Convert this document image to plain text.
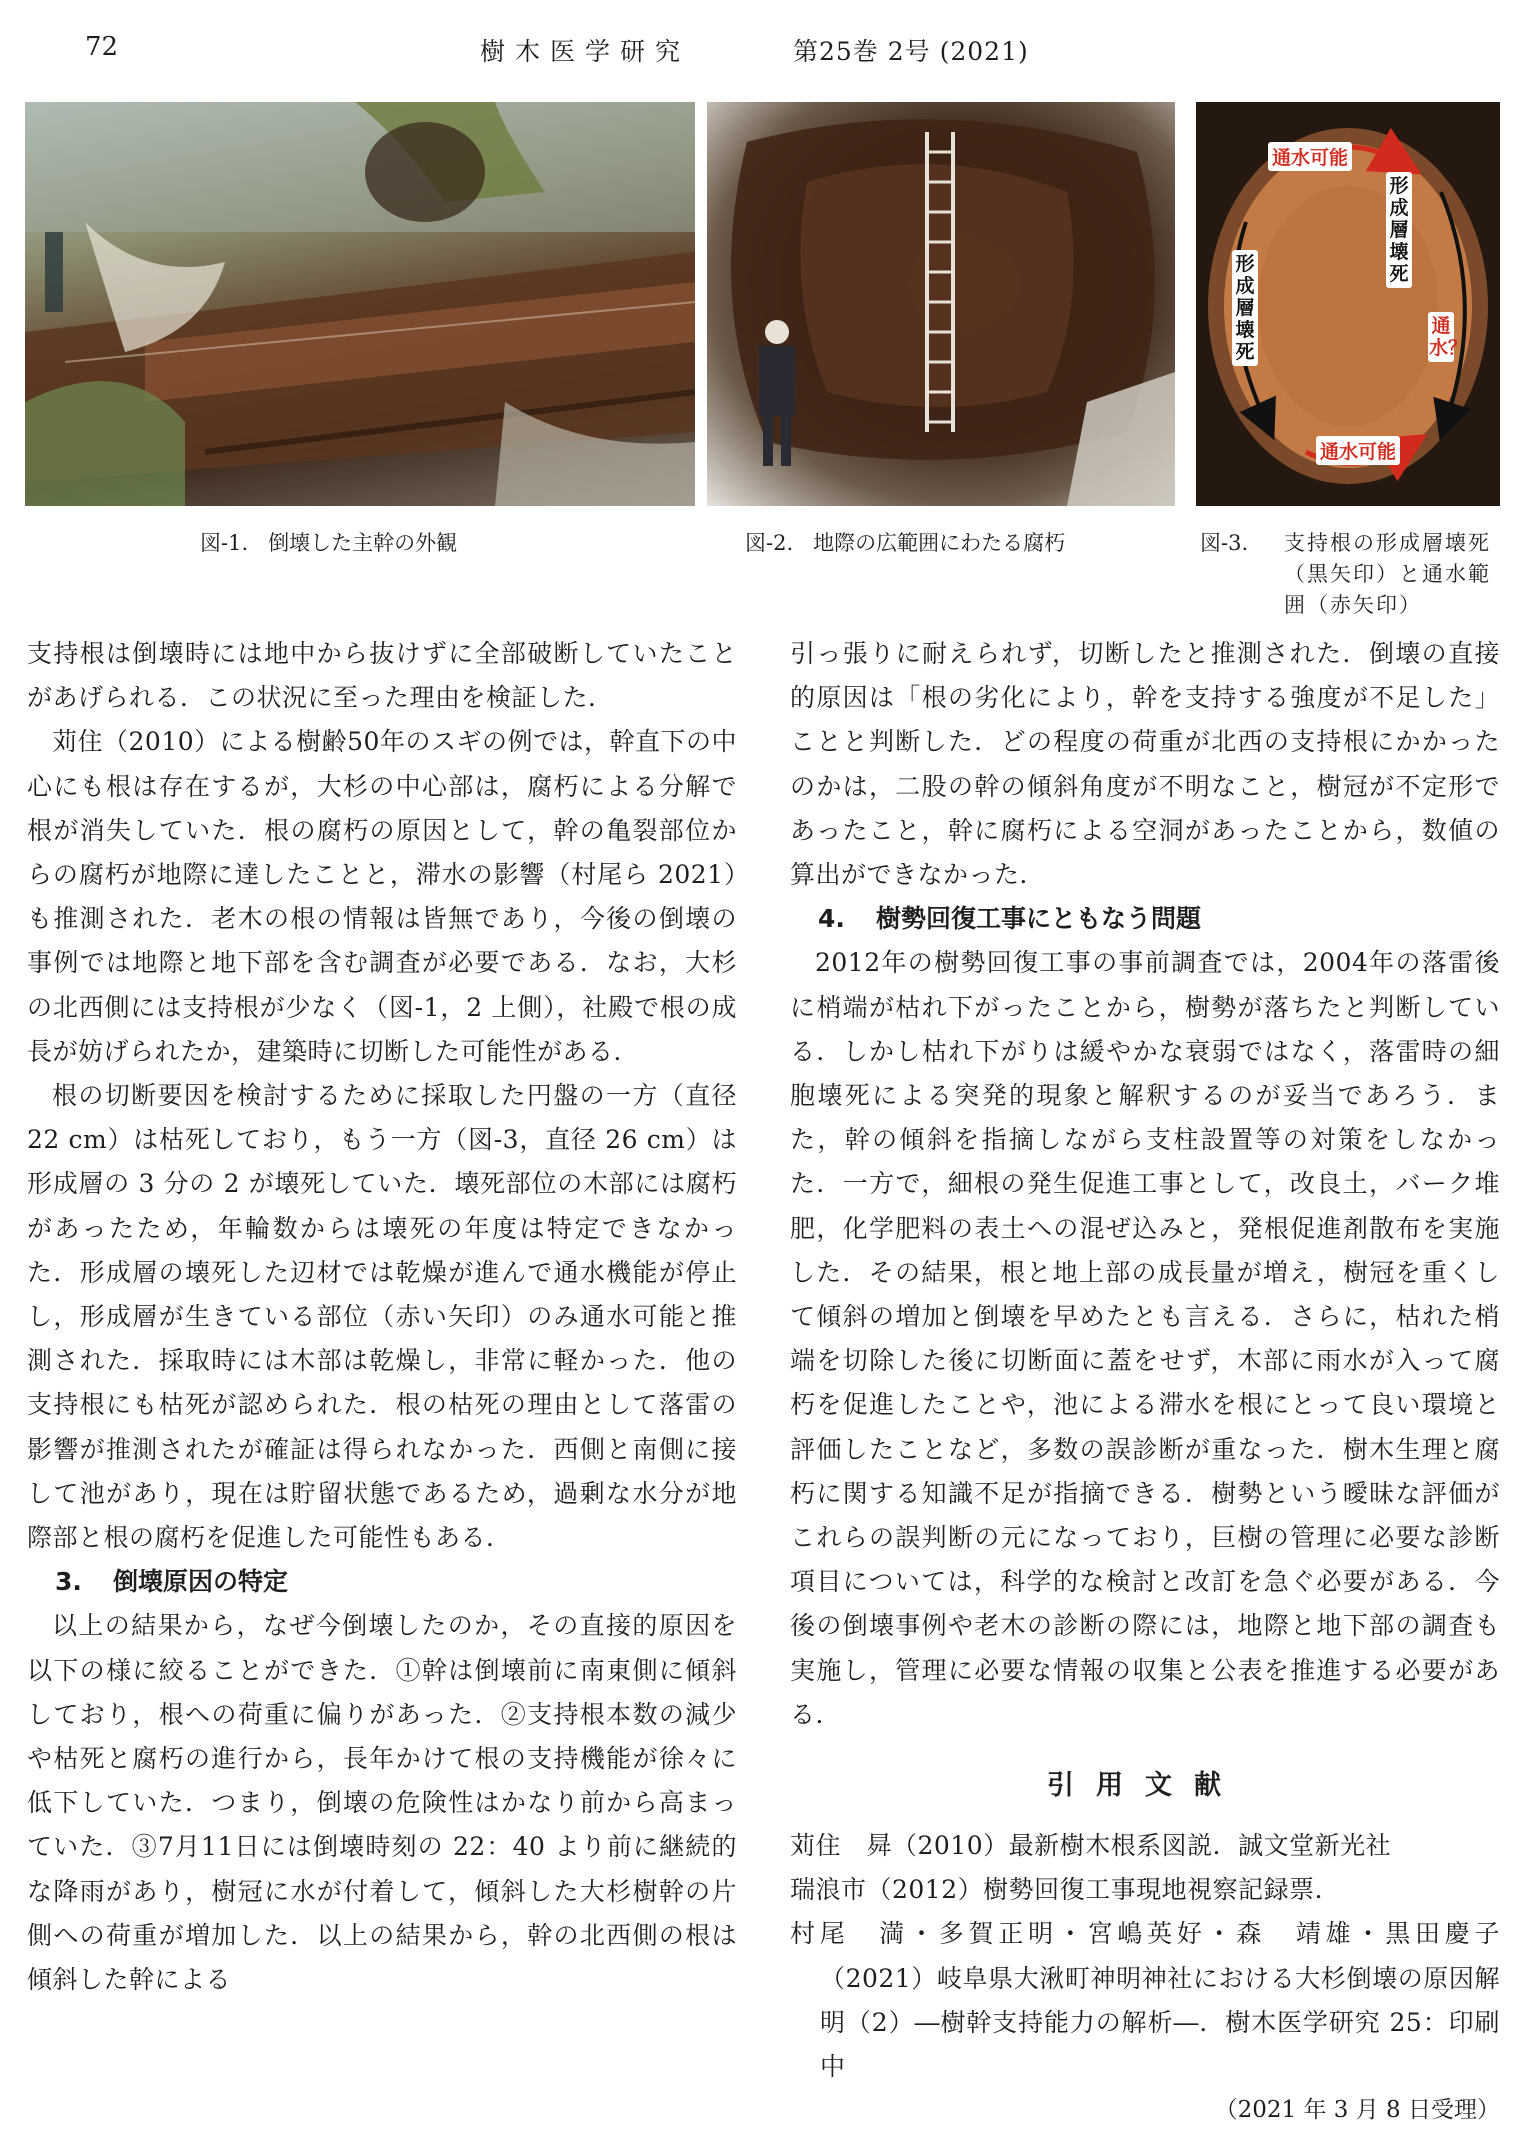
72	樹木医学研究	第25巻 2号 (2021)
通水可能
通水可能
形成層壊死
形成層壊死
通水？
図-1. 倒壊した主幹の外観	図-2. 地際の広範囲にわたる腐朽	図-3.	支持根の形成層壊死（黒矢印）と通水範囲（赤矢印）

支持根は倒壊時には地中から抜けずに全部破断していたことがあげられる．この状況に至った理由を検証した．

苅住（2010）による樹齢50年のスギの例では，幹直下の中心にも根は存在するが，大杉の中心部は，腐朽による分解で根が消失していた．根の腐朽の原因として，幹の亀裂部位からの腐朽が地際に達したことと，滞水の影響（村尾ら 2021）も推測された．老木の根の情報は皆無であり，今後の倒壊の事例では地際と地下部を含む調査が必要である．なお，大杉の北西側には支持根が少なく（図-1，2 上側），社殿で根の成長が妨げられたか，建築時に切断した可能性がある．

根の切断要因を検討するために採取した円盤の一方（直径 22 cm）は枯死しており，もう一方（図-3，直径 26 cm）は形成層の 3 分の 2 が壊死していた．壊死部位の木部には腐朽があったため，年輪数からは壊死の年度は特定できなかった．形成層の壊死した辺材では乾燥が進んで通水機能が停止し，形成層が生きている部位（赤い矢印）のみ通水可能と推測された．採取時には木部は乾燥し，非常に軽かった．他の支持根にも枯死が認められた．根の枯死の理由として落雷の影響が推測されたが確証は得られなかった．西側と南側に接して池があり，現在は貯留状態であるため，過剰な水分が地際部と根の腐朽を促進した可能性もある．

3. 倒壊原因の特定

以上の結果から，なぜ今倒壊したのか，その直接的原因を以下の様に絞ることができた．①幹は倒壊前に南東側に傾斜しており，根への荷重に偏りがあった．②支持根本数の減少や枯死と腐朽の進行から，長年かけて根の支持機能が徐々に低下していた．つまり，倒壊の危険性はかなり前から高まっていた．③7月11日には倒壊時刻の 22：40 より前に継続的な降雨があり，樹冠に水が付着して，傾斜した大杉樹幹の片側への荷重が増加した．以上の結果から，幹の北西側の根は傾斜した幹による

引っ張りに耐えられず，切断したと推測された．倒壊の直接的原因は「根の劣化により，幹を支持する強度が不足した」ことと判断した．どの程度の荷重が北西の支持根にかかったのかは，二股の幹の傾斜角度が不明なこと，樹冠が不定形であったこと，幹に腐朽による空洞があったことから，数値の算出ができなかった．

4. 樹勢回復工事にともなう問題

2012年の樹勢回復工事の事前調査では，2004年の落雷後に梢端が枯れ下がったことから，樹勢が落ちたと判断している．しかし枯れ下がりは緩やかな衰弱ではなく，落雷時の細胞壊死による突発的現象と解釈するのが妥当であろう．また，幹の傾斜を指摘しながら支柱設置等の対策をしなかった．一方で，細根の発生促進工事として，改良土，バーク堆肥，化学肥料の表土への混ぜ込みと，発根促進剤散布を実施した．その結果，根と地上部の成長量が増え，樹冠を重くして傾斜の増加と倒壊を早めたとも言える．さらに，枯れた梢端を切除した後に切断面に蓋をせず，木部に雨水が入って腐朽を促進したことや，池による滞水を根にとって良い環境と評価したことなど，多数の誤診断が重なった．樹木生理と腐朽に関する知識不足が指摘できる．樹勢という曖昧な評価がこれらの誤判断の元になっており，巨樹の管理に必要な診断項目については，科学的な検討と改訂を急ぐ必要がある．今後の倒壊事例や老木の診断の際には，地際と地下部の調査も実施し，管理に必要な情報の収集と公表を推進する必要がある．

引用文献

苅住　曻（2010）最新樹木根系図説．誠文堂新光社

瑞浪市（2012）樹勢回復工事現地視察記録票．

村尾　満・多賀正明・宮嶋英好・森　靖雄・黒田慶子（2021）岐阜県大湫町神明神社における大杉倒壊の原因解明（2）―樹幹支持能力の解析―．樹木医学研究 25：印刷中

（2021 年 3 月 8 日受理）
